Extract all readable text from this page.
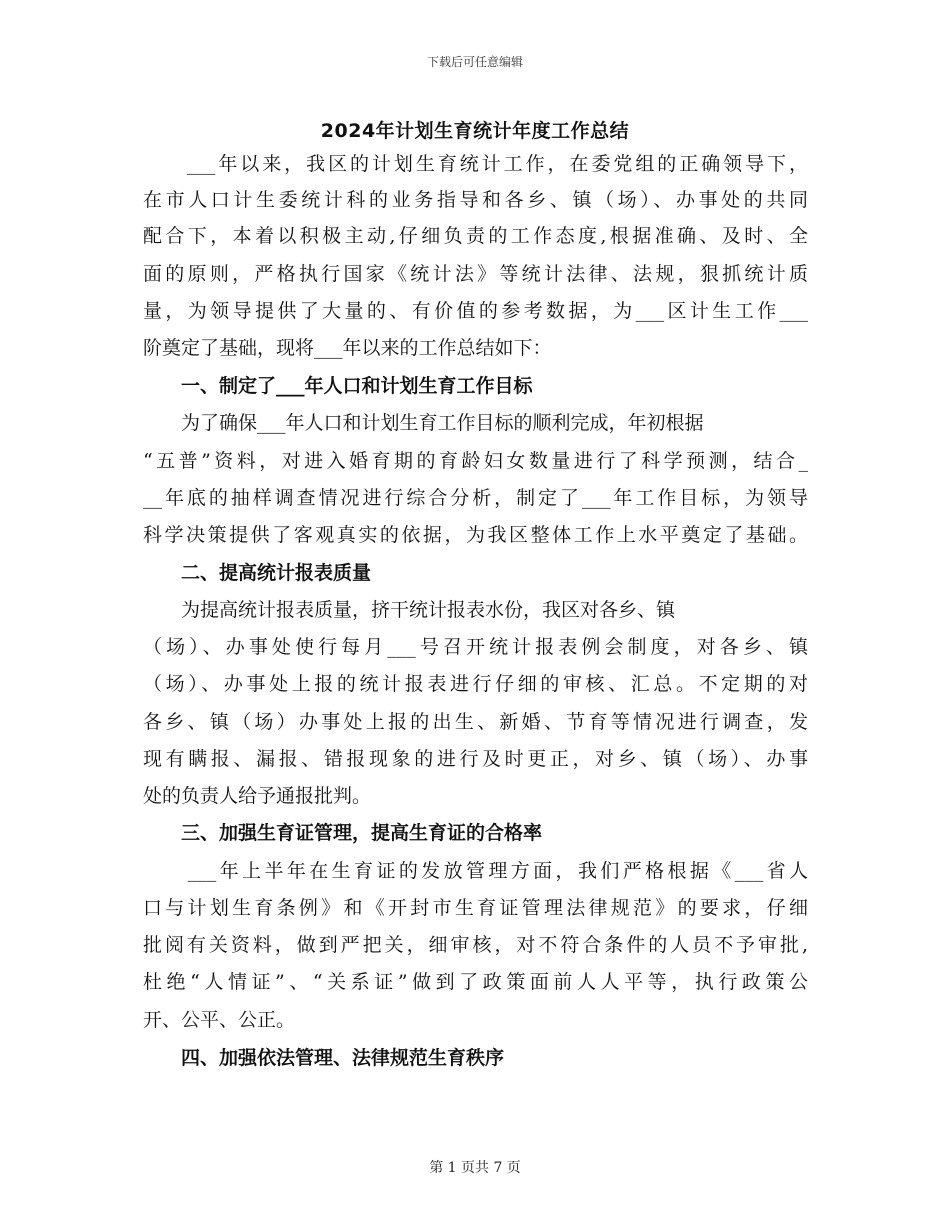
下载后可任意编辑
2024年计划生育统计年度工作总结
　　___年以来，我区的计划生育统计工作，在委党组的正确领导下，
在市人口计生委统计科的业务指导和各乡、镇（场）、办事处的共同
配合下，本着以积极主动,仔细负责的工作态度,根据准确、及时、全
面的原则，严格执行国家《统计法》等统计法律、法规，狠抓统计质
量，为领导提供了大量的、有价值的参考数据，为___区计生工作___
阶奠定了基础，现将___年以来的工作总结如下：
　　一、制定了___年人口和计划生育工作目标
　　为了确保___年人口和计划生育工作目标的顺利完成，年初根据
“五普”资料，对进入婚育期的育龄妇女数量进行了科学预测，结合_
__年底的抽样调查情况进行综合分析，制定了___年工作目标，为领导
科学决策提供了客观真实的依据，为我区整体工作上水平奠定了基础。
　　二、提高统计报表质量
　　为提高统计报表质量，挤干统计报表水份，我区对各乡、镇
（场）、办事处使行每月___号召开统计报表例会制度，对各乡、镇
（场）、办事处上报的统计报表进行仔细的审核、汇总。不定期的对
各乡、镇（场）办事处上报的出生、新婚、节育等情况进行调查，发
现有瞒报、漏报、错报现象的进行及时更正，对乡、镇（场）、办事
处的负责人给予通报批判。
　　三、加强生育证管理，提高生育证的合格率
　　___年上半年在生育证的发放管理方面，我们严格根据《___省人
口与计划生育条例》和《开封市生育证管理法律规范》的要求，仔细
批阅有关资料，做到严把关，细审核，对不符合条件的人员不予审批,
杜绝“人情证”、“关系证”做到了政策面前人人平等，执行政策公
开、公平、公正。
　　四、加强依法管理、法律规范生育秩序
第 1 页共 7 页
